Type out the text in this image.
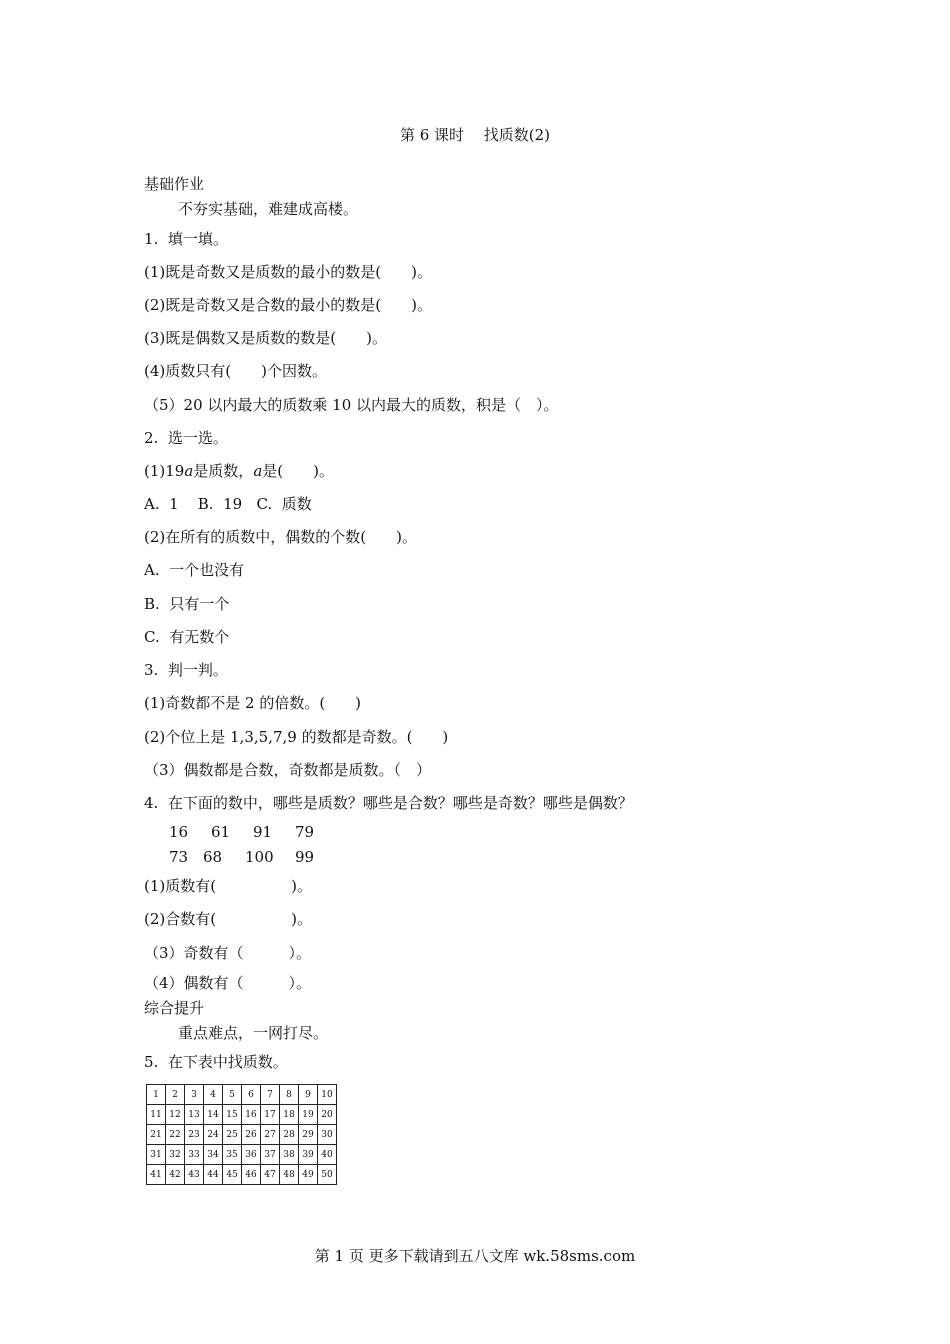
第 6 课时　 找质数(2)
基础作业
不夯实基础，难建成高楼。
1.  填一填。
(1)既是奇数又是质数的最小的数是(　　)。
(2)既是奇数又是合数的最小的数是(　　)。
(3)既是偶数又是质数的数是(　　)。
(4)质数只有(　　)个因数。
（5）20 以内最大的质数乘 10 以内最大的质数，积是（　）。
2.  选一选。
(1)19a是质数，a是(　　)。
A.  1    B.  19   C.  质数
(2)在所有的质数中，偶数的个数(　　)。
A.  一个也没有
B.  只有一个
C.  有无数个
3.  判一判。
(1)奇数都不是 2 的倍数。(　　)
(2)个位上是 1,3,5,7,9 的数都是奇数。(　　)
（3）偶数都是合数，奇数都是质数。（　）
4.  在下面的数中，哪些是质数？哪些是合数？哪些是奇数？哪些是偶数？
16 61 91 79
73 68 100 99
(1)质数有(　　　　　)。
(2)合数有(　　　　　)。
（3）奇数有（　　　）。
（4）偶数有（　　　）。
综合提升
重点难点，一网打尽。
5.  在下表中找质数。
1	2	3	4	5	6	7	8	9	10
11	12	13	14	15	16	17	18	19	20
21	22	23	24	25	26	27	28	29	30
31	32	33	34	35	36	37	38	39	40
41	42	43	44	45	46	47	48	49	50
第 1 页 更多下载请到五八文库 wk.58sms.com
